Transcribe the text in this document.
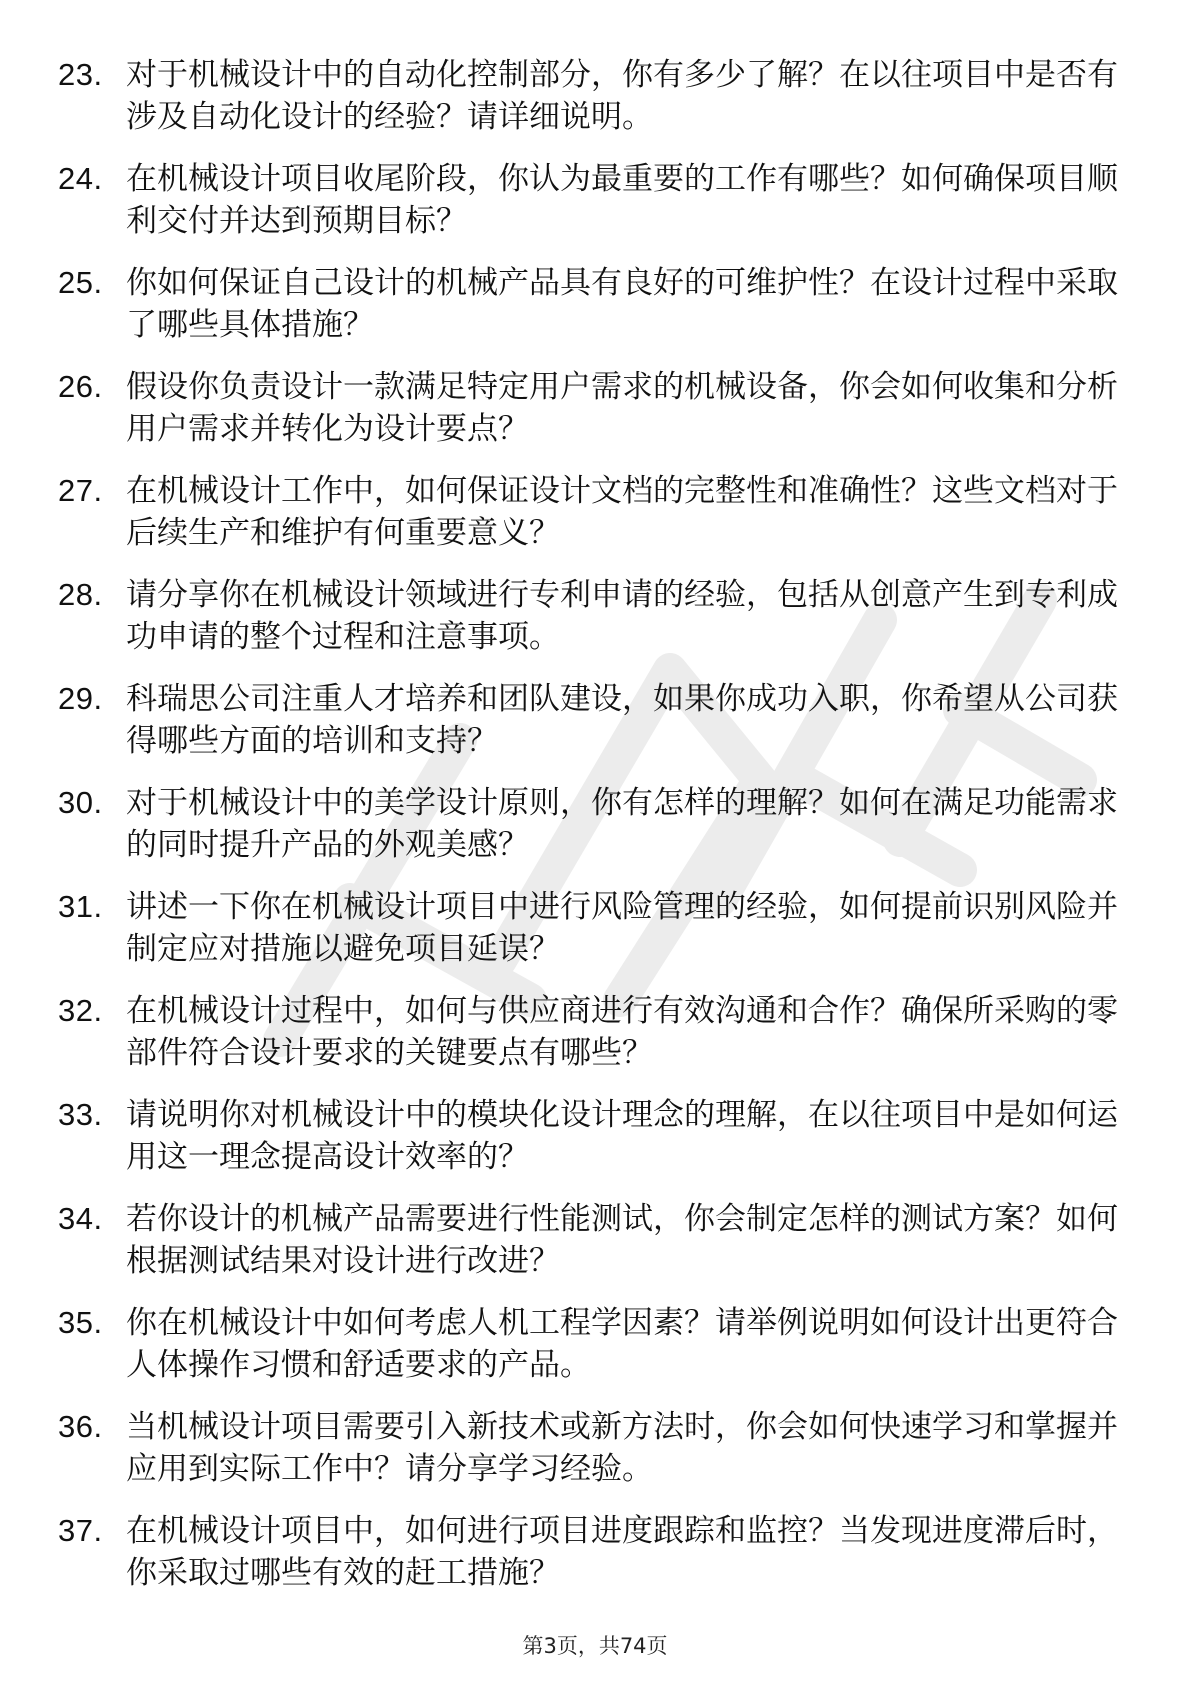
23. 对于机械设计中的自动化控制部分，你有多少了解？在以往项目中是否有涉及自动化设计的经验？请详细说明。
24. 在机械设计项目收尾阶段，你认为最重要的工作有哪些？如何确保项目顺利交付并达到预期目标？
25. 你如何保证自己设计的机械产品具有良好的可维护性？在设计过程中采取了哪些具体措施？
26. 假设你负责设计一款满足特定用户需求的机械设备，你会如何收集和分析用户需求并转化为设计要点？
27. 在机械设计工作中，如何保证设计文档的完整性和准确性？这些文档对于后续生产和维护有何重要意义？
28. 请分享你在机械设计领域进行专利申请的经验，包括从创意产生到专利成功申请的整个过程和注意事项。
29. 科瑞思公司注重人才培养和团队建设，如果你成功入职，你希望从公司获得哪些方面的培训和支持？
30. 对于机械设计中的美学设计原则，你有怎样的理解？如何在满足功能需求的同时提升产品的外观美感？
31. 讲述一下你在机械设计项目中进行风险管理的经验，如何提前识别风险并制定应对措施以避免项目延误？
32. 在机械设计过程中，如何与供应商进行有效沟通和合作？确保所采购的零部件符合设计要求的关键要点有哪些？
33. 请说明你对机械设计中的模块化设计理念的理解，在以往项目中是如何运用这一理念提高设计效率的？
34. 若你设计的机械产品需要进行性能测试，你会制定怎样的测试方案？如何根据测试结果对设计进行改进？
35. 你在机械设计中如何考虑人机工程学因素？请举例说明如何设计出更符合人体操作习惯和舒适要求的产品。
36. 当机械设计项目需要引入新技术或新方法时，你会如何快速学习和掌握并应用到实际工作中？请分享学习经验。
37. 在机械设计项目中，如何进行项目进度跟踪和监控？当发现进度滞后时，你采取过哪些有效的赶工措施？
第3页，共74页
